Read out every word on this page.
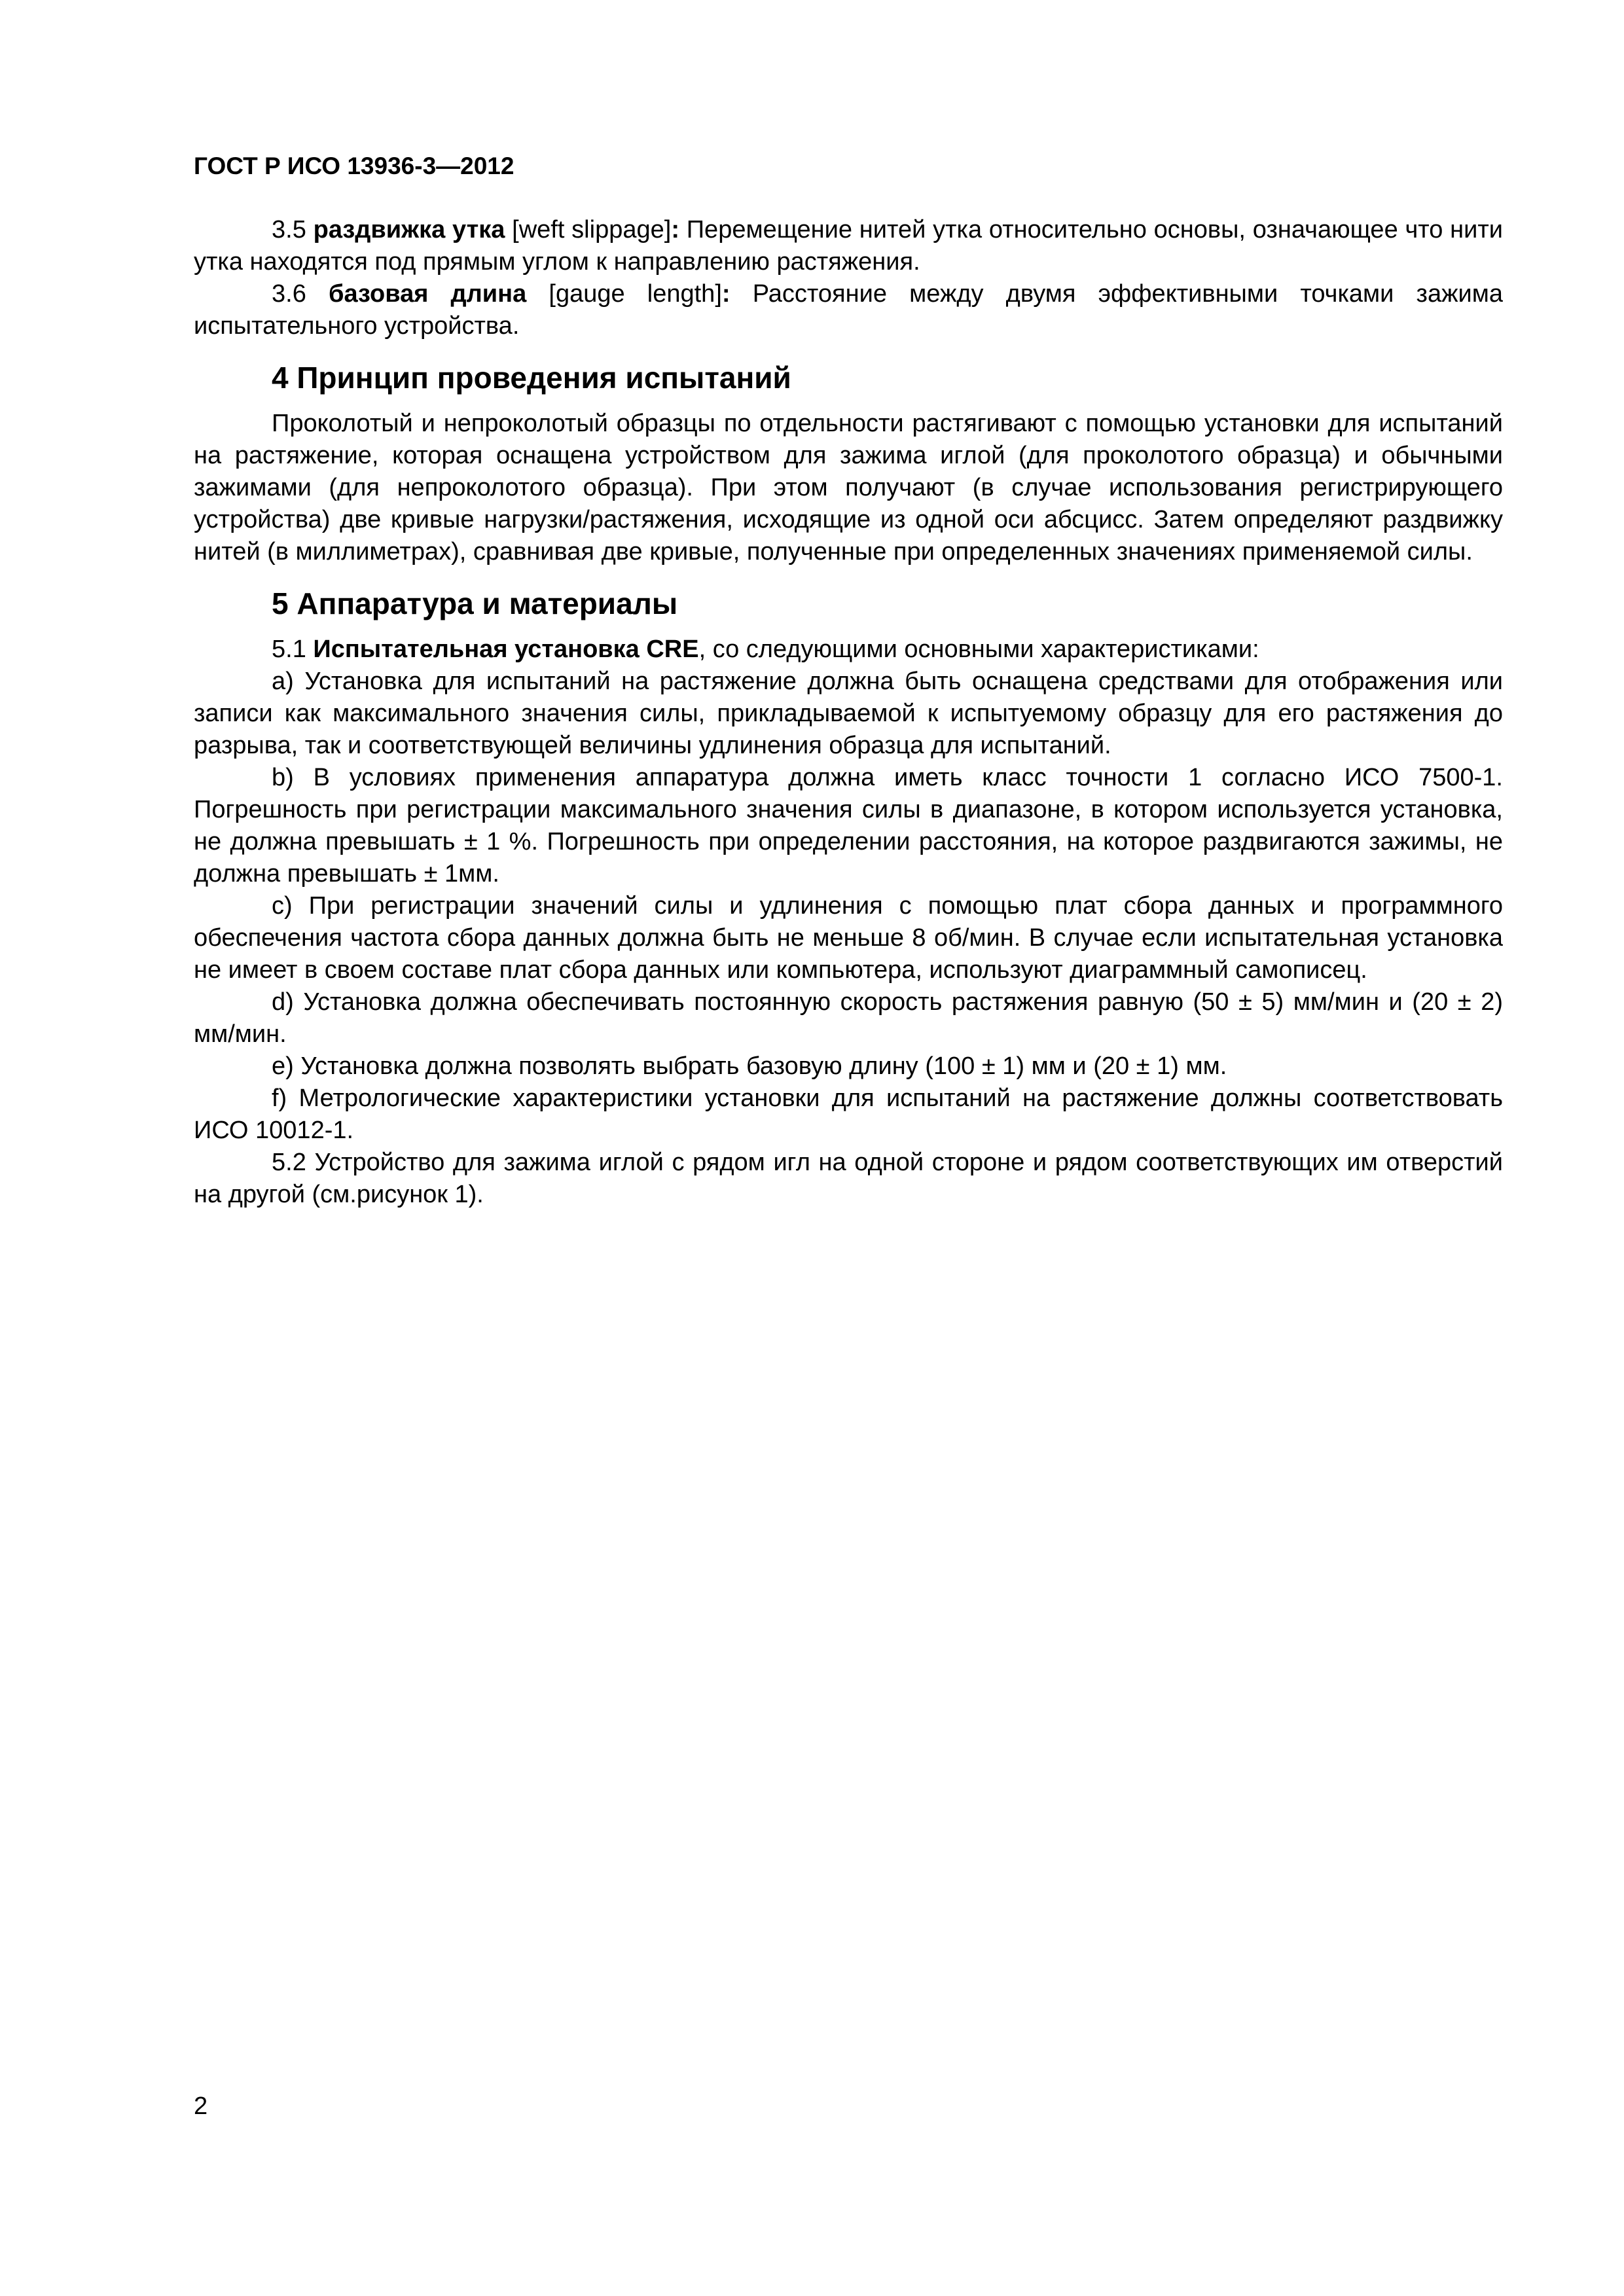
ГОСТ Р ИСО 13936-3—2012

3.5 раздвижка утка [weft slippage]: Перемещение нитей утка относительно основы, означающее что нити утка находятся под прямым углом к направлению растяжения.

3.6 базовая длина [gauge length]: Расстояние между двумя эффективными точками зажима испытательного устройства.

4 Принцип проведения испытаний

Проколотый и непроколотый образцы по отдельности растягивают с помощью установки для испытаний на растяжение, которая оснащена устройством для зажима иглой (для проколотого образца) и обычными зажимами (для непроколотого образца). При этом получают (в случае использования регистрирующего устройства) две кривые нагрузки/растяжения, исходящие из одной оси абсцисс. Затем определяют раздвижку нитей (в миллиметрах), сравнивая две кривые, полученные при определенных значениях применяемой силы.

5 Аппаратура и материалы

5.1 Испытательная установка CRE, со следующими основными характеристиками:

a) Установка для испытаний на растяжение должна быть оснащена средствами для отображения или записи как максимального значения силы, прикладываемой к испытуемому образцу для его растяжения до разрыва, так и соответствующей величины удлинения образца для испытаний.

b) В условиях применения аппаратура должна иметь класс точности 1 согласно ИСО 7500-1. Погрешность при регистрации максимального значения силы в диапазоне, в котором используется установка, не должна превышать ± 1 %. Погрешность при определении расстояния, на которое раздвигаются зажимы, не должна превышать ± 1мм.

c) При регистрации значений силы и удлинения с помощью плат сбора данных и программного обеспечения частота сбора данных должна быть не меньше 8 об/мин. В случае если испытательная установка не имеет в своем составе плат сбора данных или компьютера, используют диаграммный самописец.

d) Установка должна обеспечивать постоянную скорость растяжения равную (50 ± 5) мм/мин и (20 ± 2) мм/мин.

e) Установка должна позволять выбрать базовую длину (100 ± 1) мм и (20 ± 1) мм.

f) Метрологические характеристики установки для испытаний на растяжение должны соответствовать ИСО 10012-1.

5.2 Устройство для зажима иглой с рядом игл на одной стороне и рядом соответствующих им отверстий на другой (см.рисунок 1).

2
